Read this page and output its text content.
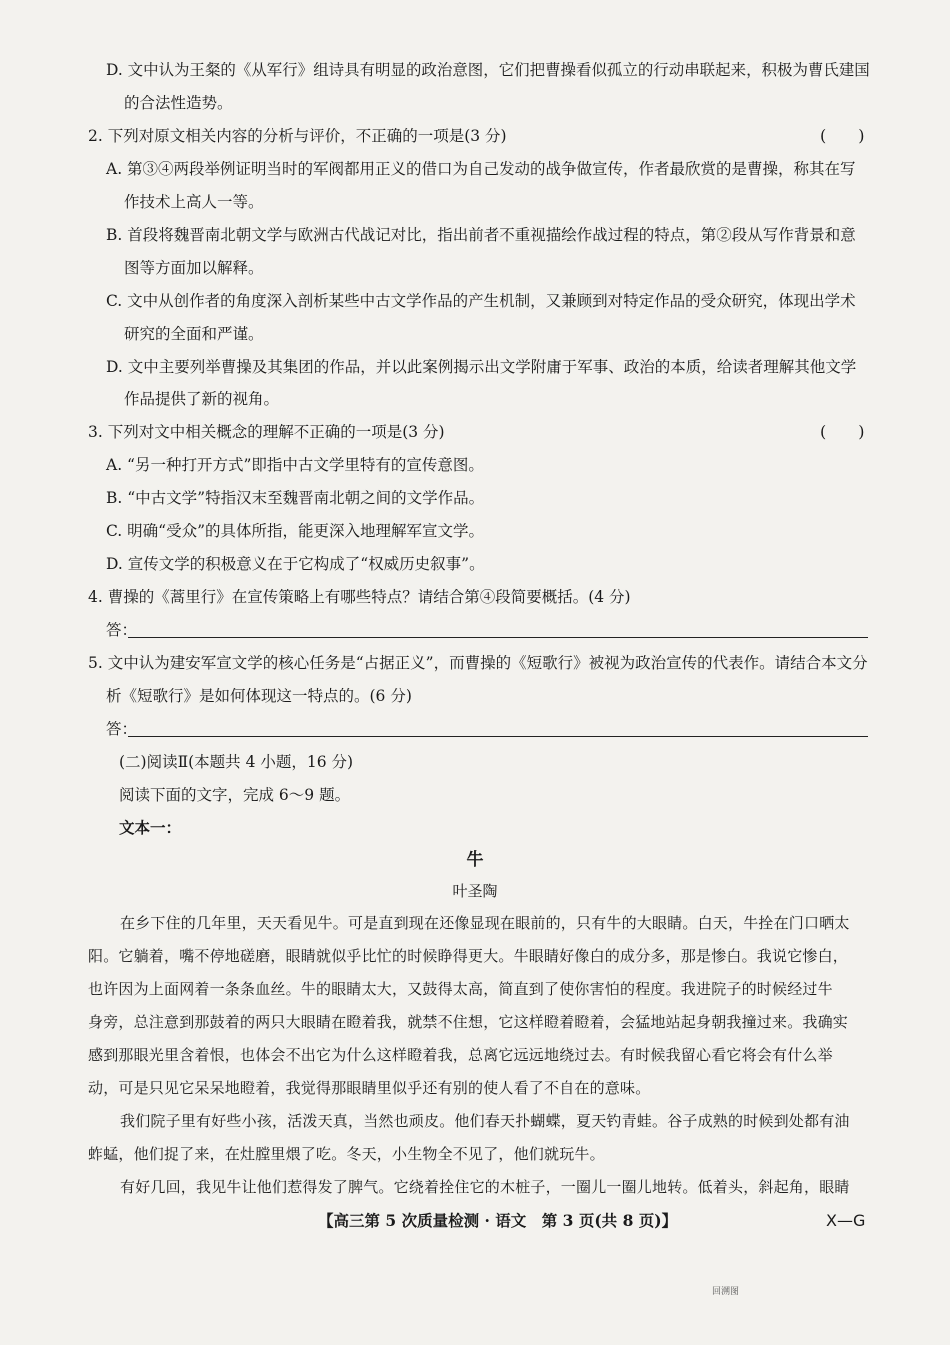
D. 文中认为王粲的《从军行》组诗具有明显的政治意图，它们把曹操看似孤立的行动串联起来，积极为曹氏建国
的合法性造势。
2. 下列对原文相关内容的分析与评价，不正确的一项是(3 分)	(　　)
A. 第③④两段举例证明当时的军阀都用正义的借口为自己发动的战争做宣传，作者最欣赏的是曹操，称其在写
作技术上高人一等。
B. 首段将魏晋南北朝文学与欧洲古代战记对比，指出前者不重视描绘作战过程的特点，第②段从写作背景和意
图等方面加以解释。
C. 文中从创作者的角度深入剖析某些中古文学作品的产生机制，又兼顾到对特定作品的受众研究，体现出学术
研究的全面和严谨。
D. 文中主要列举曹操及其集团的作品，并以此案例揭示出文学附庸于军事、政治的本质，给读者理解其他文学
作品提供了新的视角。
3. 下列对文中相关概念的理解不正确的一项是(3 分)	(　　)
A. “另一种打开方式”即指中古文学里特有的宣传意图。
B. “中古文学”特指汉末至魏晋南北朝之间的文学作品。
C. 明确“受众”的具体所指，能更深入地理解军宣文学。
D. 宣传文学的积极意义在于它构成了“权威历史叙事”。
4. 曹操的《蒿里行》在宣传策略上有哪些特点？请结合第④段简要概括。(4 分)
答：
5. 文中认为建安军宣文学的核心任务是“占据正义”，而曹操的《短歌行》被视为政治宣传的代表作。请结合本文分
析《短歌行》是如何体现这一特点的。(6 分)
答：
(二)阅读Ⅱ(本题共 4 小题，16 分)
阅读下面的文字，完成 6～9 题。
文本一：
牛
叶圣陶
在乡下住的几年里，天天看见牛。可是直到现在还像显现在眼前的，只有牛的大眼睛。白天，牛拴在门口晒太
阳。它躺着，嘴不停地磋磨，眼睛就似乎比忙的时候睁得更大。牛眼睛好像白的成分多，那是惨白。我说它惨白，
也许因为上面网着一条条血丝。牛的眼睛太大，又鼓得太高，简直到了使你害怕的程度。我进院子的时候经过牛
身旁，总注意到那鼓着的两只大眼睛在瞪着我，就禁不住想，它这样瞪着瞪着，会猛地站起身朝我撞过来。我确实
感到那眼光里含着恨，也体会不出它为什么这样瞪着我，总离它远远地绕过去。有时候我留心看它将会有什么举
动，可是只见它呆呆地瞪着，我觉得那眼睛里似乎还有别的使人看了不自在的意味。
我们院子里有好些小孩，活泼天真，当然也顽皮。他们春天扑蝴蝶，夏天钓青蛙。谷子成熟的时候到处都有油
蚱蜢，他们捉了来，在灶膛里煨了吃。冬天，小生物全不见了，他们就玩牛。
有好几回，我见牛让他们惹得发了脾气。它绕着拴住它的木桩子，一圈儿一圈儿地转。低着头，斜起角，眼睛
【高三第 5 次质量检测 · 语文　第 3 页(共 8 页)】	X—G
回溯图
